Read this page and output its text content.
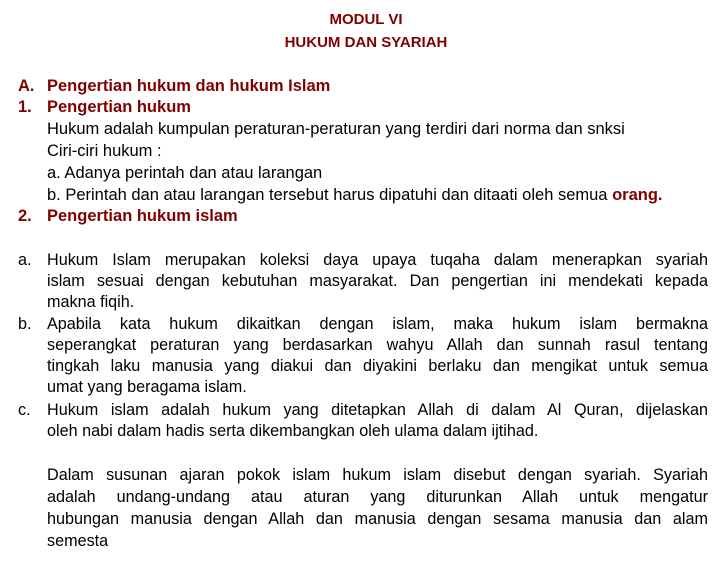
MODUL VI
HUKUM DAN SYARIAH
A. Pengertian hukum dan hukum Islam
1. Pengertian hukum
Hukum adalah kumpulan peraturan-peraturan yang terdiri dari norma dan snksi
Ciri-ciri hukum :
a. Adanya perintah dan atau larangan
b. Perintah dan atau larangan tersebut harus dipatuhi dan ditaati oleh semua orang.
2. Pengertian hukum islam
a. Hukum Islam merupakan koleksi daya upaya tuqaha dalam menerapkan syariah
islam sesuai dengan kebutuhan masyarakat. Dan pengertian ini mendekati kepada
makna fiqih.
b. Apabila kata hukum dikaitkan dengan islam, maka hukum islam bermakna
seperangkat peraturan yang berdasarkan wahyu Allah dan sunnah rasul tentang
tingkah laku manusia yang diakui dan diyakini berlaku dan mengikat untuk semua
umat yang beragama islam.
c. Hukum islam adalah hukum yang ditetapkan Allah di dalam Al Quran, dijelaskan
oleh nabi dalam hadis serta dikembangkan oleh ulama dalam ijtihad.
Dalam susunan ajaran pokok islam hukum islam disebut dengan syariah. Syariah
adalah undang-undang atau aturan yang diturunkan Allah untuk mengatur
hubungan manusia dengan Allah dan manusia dengan sesama manusia dan alam
semesta
